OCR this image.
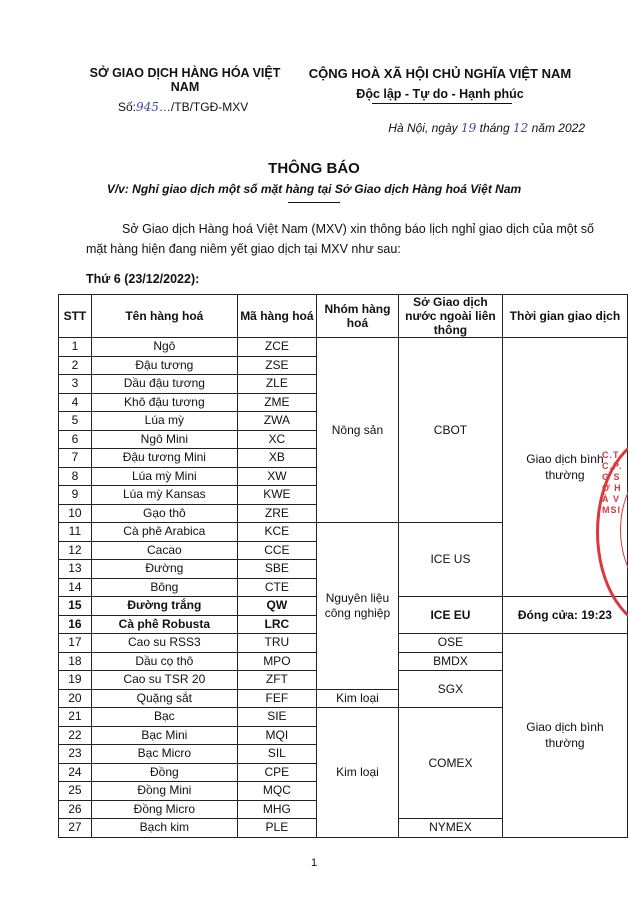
SỞ GIAO DỊCH HÀNG HÓA VIỆT NAM
Số:945…/TB/TGĐ-MXV
CỘNG HOÀ XÃ HỘI CHỦ NGHĨA VIỆT NAM
Độc lập - Tự do - Hạnh phúc
Hà Nội, ngày 19 tháng 12 năm 2022
THÔNG BÁO
V/v: Nghỉ giao dịch một số mặt hàng tại Sở Giao dịch Hàng hoá Việt Nam
Sở Giao dịch Hàng hoá Việt Nam (MXV) xin thông báo lịch nghỉ giao dịch của một số mặt hàng hiện đang niêm yết giao dịch tại MXV như sau:
Thứ 6 (23/12/2022):
STT	Tên hàng hoá	Mã hàng hoá	Nhóm hàng hoá	Sở Giao dịch nước ngoài liên thông	Thời gian giao dịch
1	Ngô	ZCE	Nông sản	CBOT	Giao dịch bình thường
2	Đậu tương	ZSE			
3	Dầu đậu tương	ZLE			
4	Khô đậu tương	ZME			
5	Lúa mỳ	ZWA			
6	Ngô Mini	XC			
7	Đậu tương Mini	XB			
8	Lúa mỳ Mini	XW			
9	Lúa mỳ Kansas	KWE			
10	Gạo thô	ZRE			
11	Cà phê Arabica	KCE	Nguyên liệu công nghiệp	ICE US	
12	Cacao	CCE			
13	Đường	SBE			
14	Bông	CTE			
15	Đường trắng	QW		ICE EU	Đóng cửa: 19:23
16	Cà phê Robusta	LRC			
17	Cao su RSS3	TRU		OSE	Giao dịch bình thường
18	Dầu cọ thô	MPO		BMDX	
19	Cao su TSR 20	ZFT		SGX	
20	Quặng sắt	FEF	Kim loại		
21	Bạc	SIE	Kim loại	COMEX	
22	Bạc Mini	MQI			
23	Bạc Micro	SIL			
24	Đồng	CPE			
25	Đồng Mini	MQC			
26	Đồng Micro	MHG			
27	Bạch kim	PLE		NYMEX	
C.T.C.P. G SỞ HÀ V MSI
1
